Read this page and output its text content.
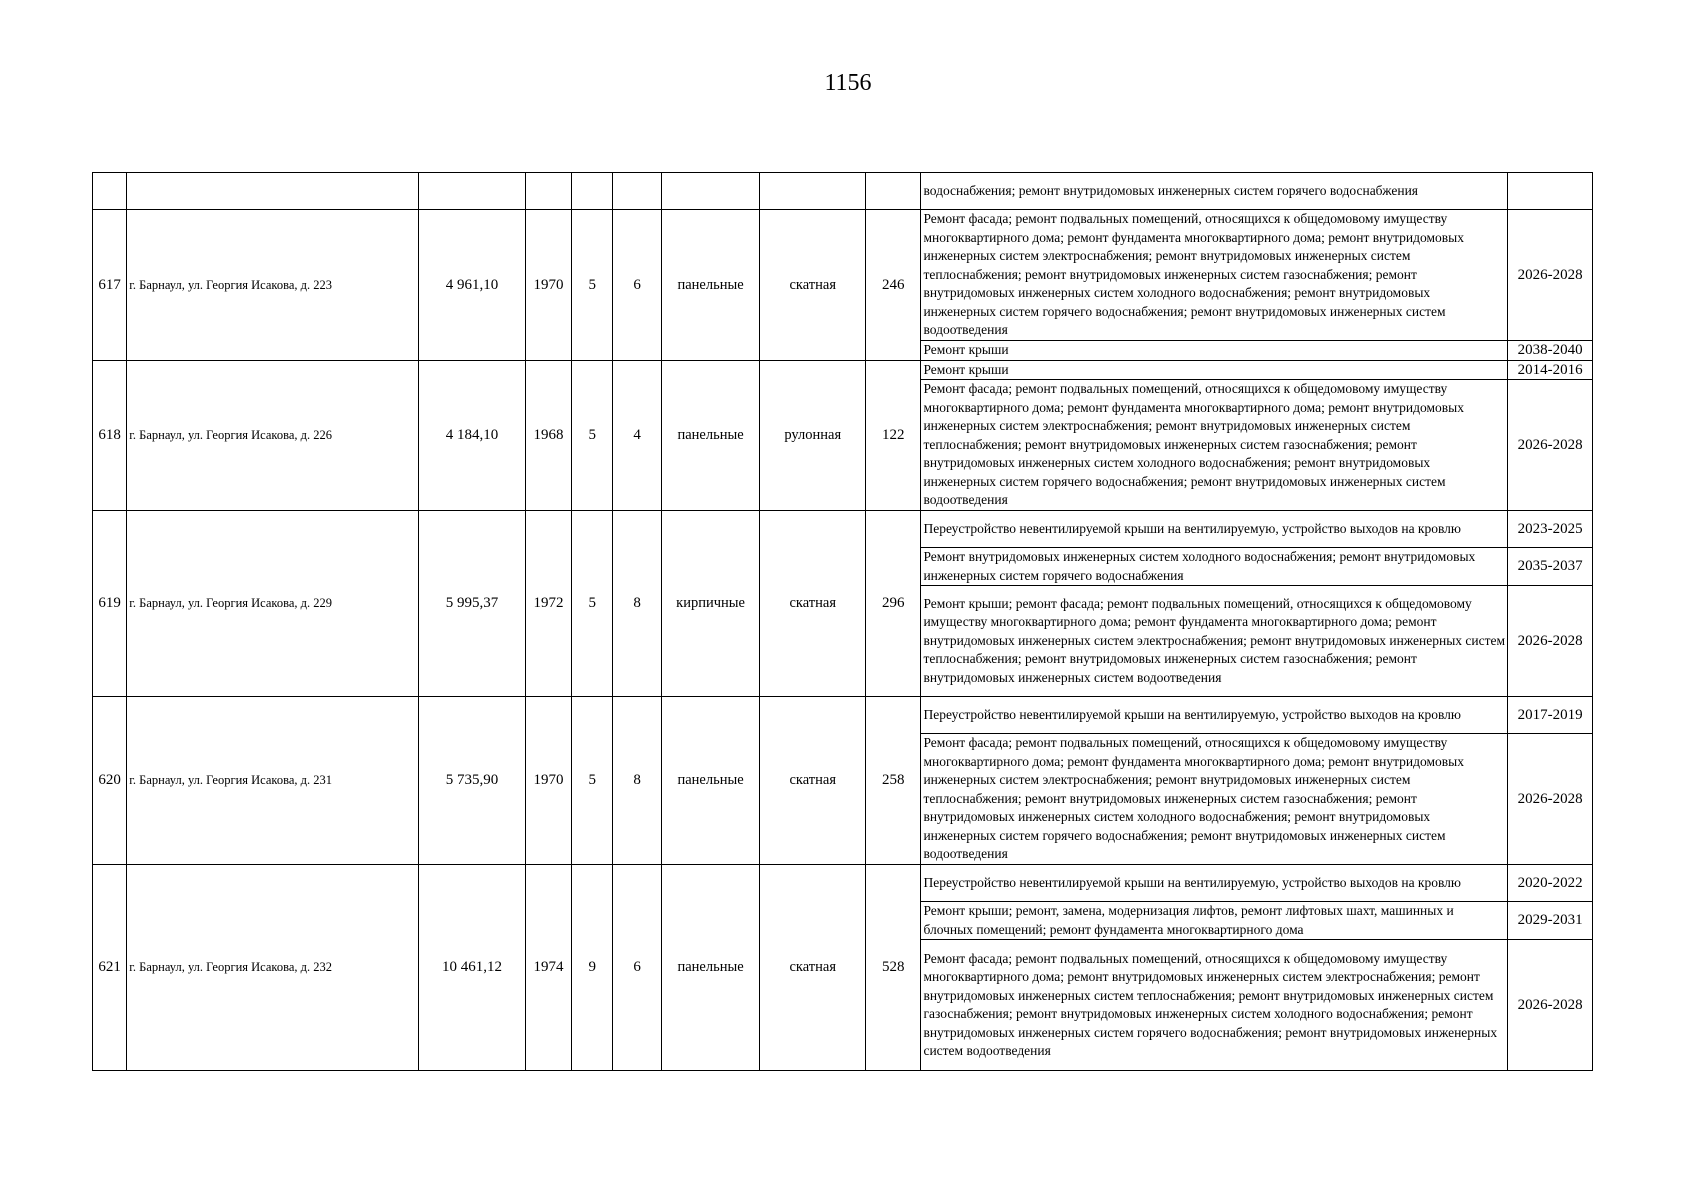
1156
									водоснабжения; ремонт внутридомовых инженерных систем горячего водоснабжения	
617	г. Барнаул, ул. Георгия Исакова, д. 223	4 961,10	1970	5	6	панельные	скатная	246	Ремонт фасада; ремонт подвальных помещений, относящихся к общедомовому имуществу многоквартирного дома; ремонт фундамента многоквартирного дома; ремонт внутридомовых инженерных систем электроснабжения; ремонт внутридомовых инженерных систем теплоснабжения; ремонт внутридомовых инженерных систем газоснабжения; ремонт внутридомовых инженерных систем холодного водоснабжения; ремонт внутридомовых инженерных систем горячего водоснабжения; ремонт внутридомовых инженерных систем водоотведения	2026-2028
									Ремонт крыши	2038-2040
618	г. Барнаул, ул. Георгия Исакова, д. 226	4 184,10	1968	5	4	панельные	рулонная	122	Ремонт крыши	2014-2016
									Ремонт фасада; ремонт подвальных помещений, относящихся к общедомовому имуществу многоквартирного дома; ремонт фундамента многоквартирного дома; ремонт внутридомовых инженерных систем электроснабжения; ремонт внутридомовых инженерных систем теплоснабжения; ремонт внутридомовых инженерных систем газоснабжения; ремонт внутридомовых инженерных систем холодного водоснабжения; ремонт внутридомовых инженерных систем горячего водоснабжения; ремонт внутридомовых инженерных систем водоотведения	2026-2028
619	г. Барнаул, ул. Георгия Исакова, д. 229	5 995,37	1972	5	8	кирпичные	скатная	296	Переустройство невентилируемой крыши на вентилируемую, устройство выходов на кровлю	2023-2025
									Ремонт внутридомовых инженерных систем холодного водоснабжения; ремонт внутридомовых инженерных систем горячего водоснабжения	2035-2037
									Ремонт крыши; ремонт фасада; ремонт подвальных помещений, относящихся к общедомовому имуществу многоквартирного дома; ремонт фундамента многоквартирного дома; ремонт внутридомовых инженерных систем электроснабжения; ремонт внутридомовых инженерных систем теплоснабжения; ремонт внутридомовых инженерных систем газоснабжения; ремонт внутридомовых инженерных систем водоотведения	2026-2028
620	г. Барнаул, ул. Георгия Исакова, д. 231	5 735,90	1970	5	8	панельные	скатная	258	Переустройство невентилируемой крыши на вентилируемую, устройство выходов на кровлю	2017-2019
									Ремонт фасада; ремонт подвальных помещений, относящихся к общедомовому имуществу многоквартирного дома; ремонт фундамента многоквартирного дома; ремонт внутридомовых инженерных систем электроснабжения; ремонт внутридомовых инженерных систем теплоснабжения; ремонт внутридомовых инженерных систем газоснабжения; ремонт внутридомовых инженерных систем холодного водоснабжения; ремонт внутридомовых инженерных систем горячего водоснабжения; ремонт внутридомовых инженерных систем водоотведения	2026-2028
621	г. Барнаул, ул. Георгия Исакова, д. 232	10 461,12	1974	9	6	панельные	скатная	528	Переустройство невентилируемой крыши на вентилируемую, устройство выходов на кровлю	2020-2022
									Ремонт крыши; ремонт, замена, модернизация лифтов, ремонт лифтовых шахт, машинных и блочных помещений; ремонт фундамента многоквартирного дома	2029-2031
									Ремонт фасада; ремонт подвальных помещений, относящихся к общедомовому имуществу многоквартирного дома; ремонт внутридомовых инженерных систем электроснабжения; ремонт внутридомовых инженерных систем теплоснабжения; ремонт внутридомовых инженерных систем газоснабжения; ремонт внутридомовых инженерных систем холодного водоснабжения; ремонт внутридомовых инженерных систем горячего водоснабжения; ремонт внутридомовых инженерных систем водоотведения	2026-2028
